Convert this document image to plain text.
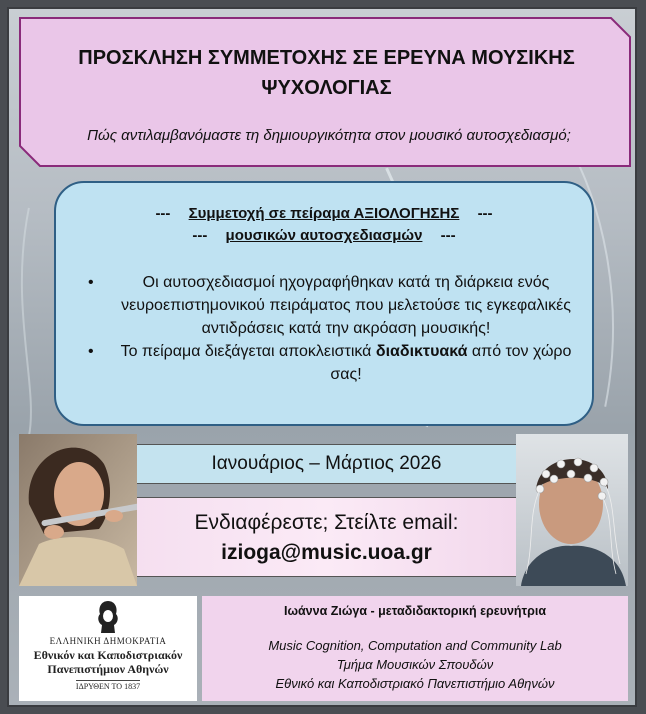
ΠΡΟΣΚΛΗΣΗ ΣΥΜΜΕΤΟΧΗΣ ΣΕ ΕΡΕΥΝΑ ΜΟΥΣΙΚΗΣ
ΨΥΧΟΛΟΓΙΑΣ
Πώς αντιλαμβανόμαστε τη δημιουργικότητα στον μουσικό αυτοσχεδιασμό;
--- Συμμετοχή σε πείραμα ΑΞΙΟΛΟΓΗΣΗΣ ---
--- μουσικών αυτοσχεδιασμών ---
•	Οι αυτοσχεδιασμοί ηχογραφήθηκαν κατά τη διάρκεια ενός νευροεπιστημονικού πειράματος που μελετούσε τις εγκεφαλικές αντιδράσεις κατά την ακρόαση μουσικής!
• Το πείραμα διεξάγεται αποκλειστικά διαδικτυακά από τον χώρο σας!
Ιανουάριος – Μάρτιος 2026
Ενδιαφέρεστε; Στείλτε email:
izioga@music.uoa.gr
ΕΛΛΗΝΙΚΗ ΔΗΜΟΚΡΑΤΙΑ
Εθνικόν και Καποδιστριακόν
Πανεπιστήμιον Αθηνών
ΙΔΡΥΘΕΝ ΤΟ 1837
Ιωάννα Ζιώγα - μεταδιδακτορική ερευνήτρια
Music Cognition, Computation and Community Lab
Τμήμα Μουσικών Σπουδών
Εθνικό και Καποδιστριακό Πανεπιστήμιο Αθηνών
